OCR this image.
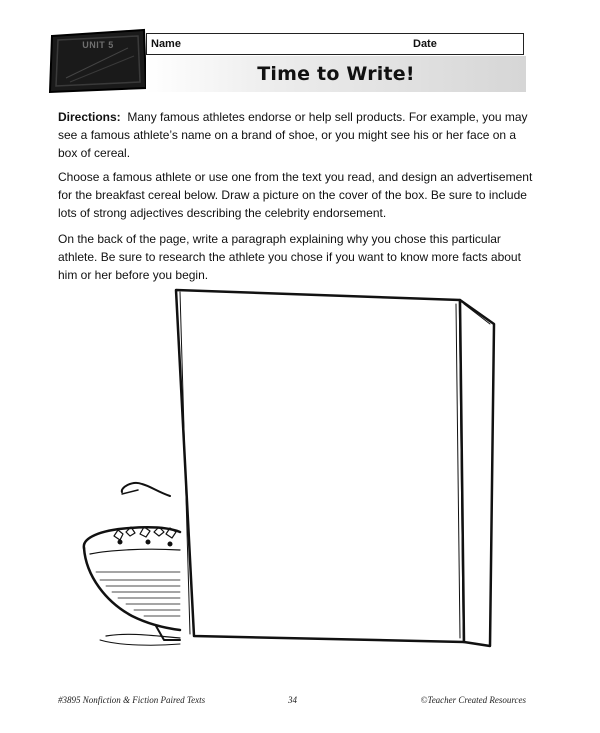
UNIT 5	Name	Date
Time to Write!

Directions: Many famous athletes endorse or help sell products. For example, you may see a famous athlete’s name on a brand of shoe, or you might see his or her face on a box of cereal.

Choose a famous athlete or use one from the text you read, and design an advertisement for the breakfast cereal below. Draw a picture on the cover of the box. Be sure to include lots of strong adjectives describing the celebrity endorsement.

On the back of the page, write a paragraph explaining why you chose this particular athlete. Be sure to research the athlete you chose if you want to know more facts about him or her before you begin.

#3895 Nonfiction & Fiction Paired Texts	34	©Teacher Created Resources
